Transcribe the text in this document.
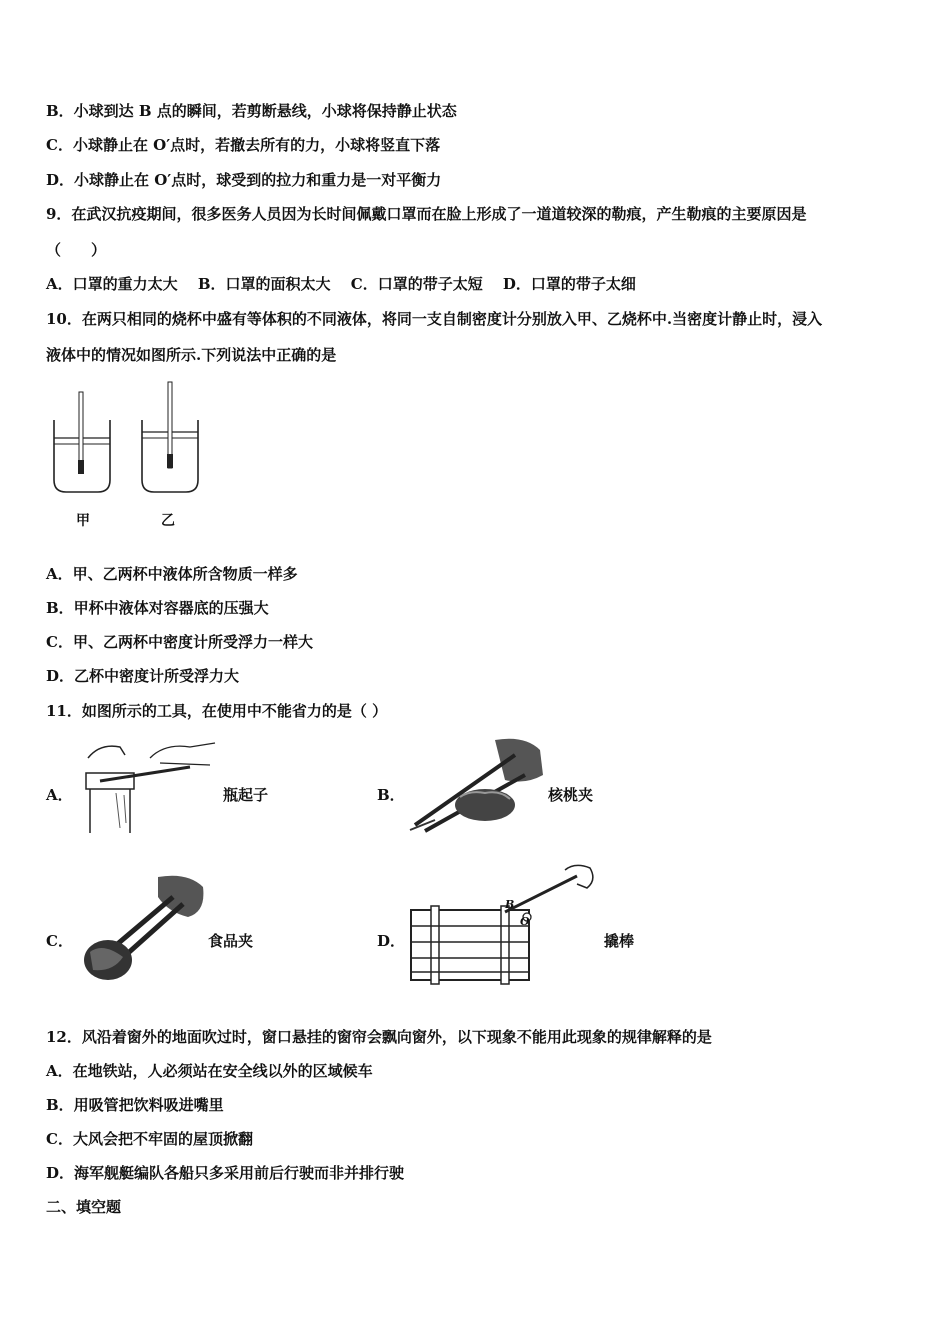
B．小球到达 B 点的瞬间，若剪断悬线，小球将保持静止状态
C．小球静止在 O′点时，若撤去所有的力，小球将竖直下落
D．小球静止在 O′点时，球受到的拉力和重力是一对平衡力
9．在武汉抗疫期间，很多医务人员因为长时间佩戴口罩而在脸上形成了一道道较深的勒痕，产生勒痕的主要原因是
（　　）
A．口罩的重力太大　 B．口罩的面积太大　 C．口罩的带子太短　 D．口罩的带子太细
10．在两只相同的烧杯中盛有等体积的不同液体，将同一支自制密度计分别放入甲、乙烧杯中.当密度计静止时，浸入
液体中的情况如图所示.下列说法中正确的是
甲	乙
A．甲、乙两杯中液体所含物质一样多
B．甲杯中液体对容器底的压强大
C．甲、乙两杯中密度计所受浮力一样大
D．乙杯中密度计所受浮力大
11．如图所示的工具，在使用中不能省力的是（ ）
A．	瓶起子	B．	核桃夹
C．	食品夹	D．
B
O
撬棒
12．风沿着窗外的地面吹过时，窗口悬挂的窗帘会飘向窗外，以下现象不能用此现象的规律解释的是
A．在地铁站，人必须站在安全线以外的区域候车
B．用吸管把饮料吸进嘴里
C．大风会把不牢固的屋顶掀翻
D．海军舰艇编队各船只多采用前后行驶而非并排行驶
二、填空题
